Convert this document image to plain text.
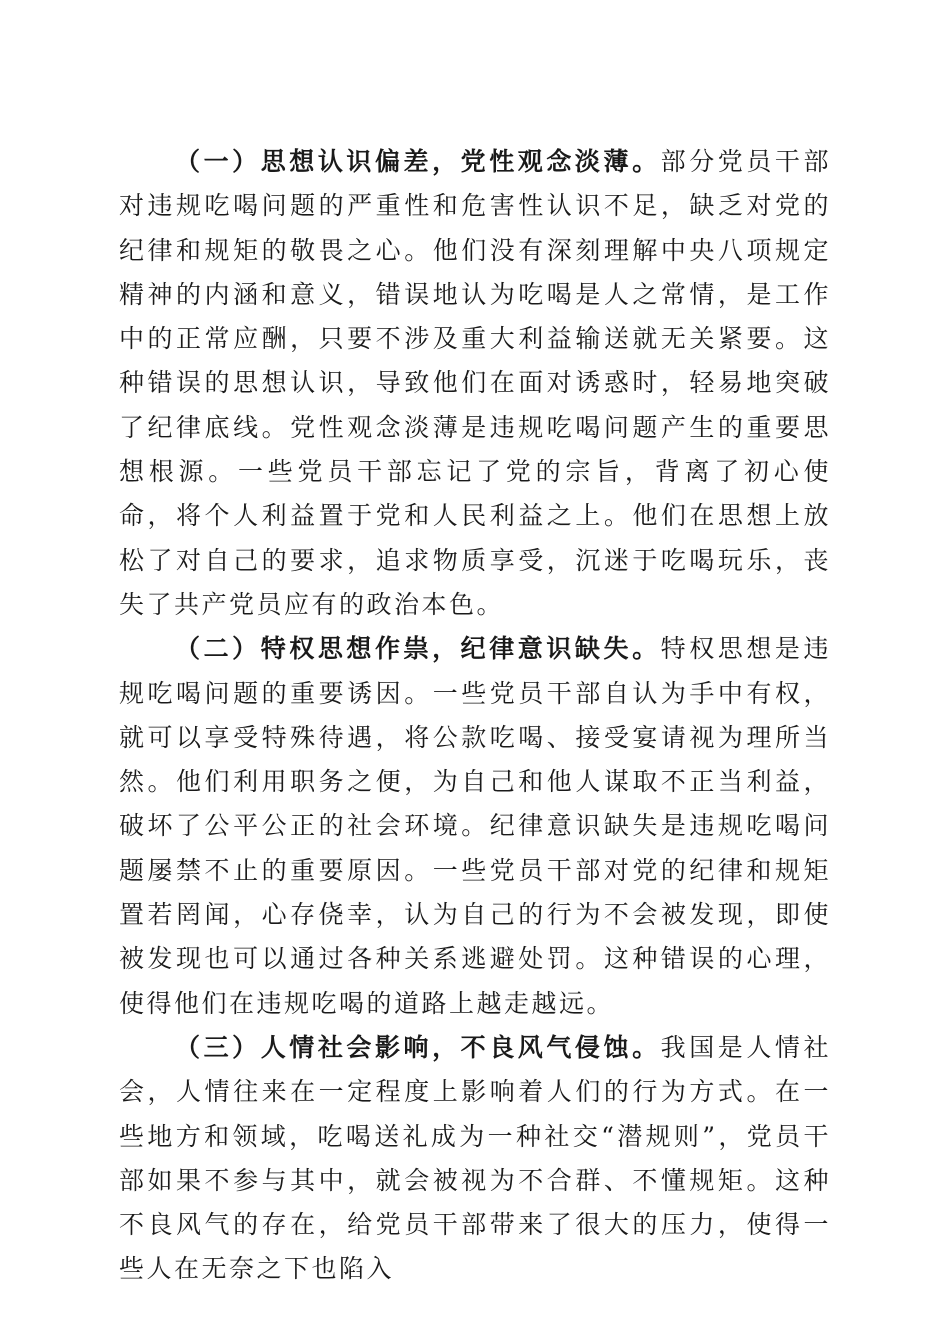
（一）思想认识偏差，党性观念淡薄。部分党员干部对违规吃喝问题的严重性和危害性认识不足，缺乏对党的纪律和规矩的敬畏之心。他们没有深刻理解中央八项规定精神的内涵和意义，错误地认为吃喝是人之常情，是工作中的正常应酬，只要不涉及重大利益输送就无关紧要。这种错误的思想认识，导致他们在面对诱惑时，轻易地突破了纪律底线。党性观念淡薄是违规吃喝问题产生的重要思想根源。一些党员干部忘记了党的宗旨，背离了初心使命，将个人利益置于党和人民利益之上。他们在思想上放松了对自己的要求，追求物质享受，沉迷于吃喝玩乐，丧失了共产党员应有的政治本色。

（二）特权思想作祟，纪律意识缺失。特权思想是违规吃喝问题的重要诱因。一些党员干部自认为手中有权，就可以享受特殊待遇，将公款吃喝、接受宴请视为理所当然。他们利用职务之便，为自己和他人谋取不正当利益，破坏了公平公正的社会环境。纪律意识缺失是违规吃喝问题屡禁不止的重要原因。一些党员干部对党的纪律和规矩置若罔闻，心存侥幸，认为自己的行为不会被发现，即使被发现也可以通过各种关系逃避处罚。这种错误的心理，使得他们在违规吃喝的道路上越走越远。

（三）人情社会影响，不良风气侵蚀。我国是人情社会，人情往来在一定程度上影响着人们的行为方式。在一些地方和领域，吃喝送礼成为一种社交“潜规则”，党员干部如果不参与其中，就会被视为不合群、不懂规矩。这种不良风气的存在，给党员干部带来了很大的压力，使得一些人在无奈之下也陷入
